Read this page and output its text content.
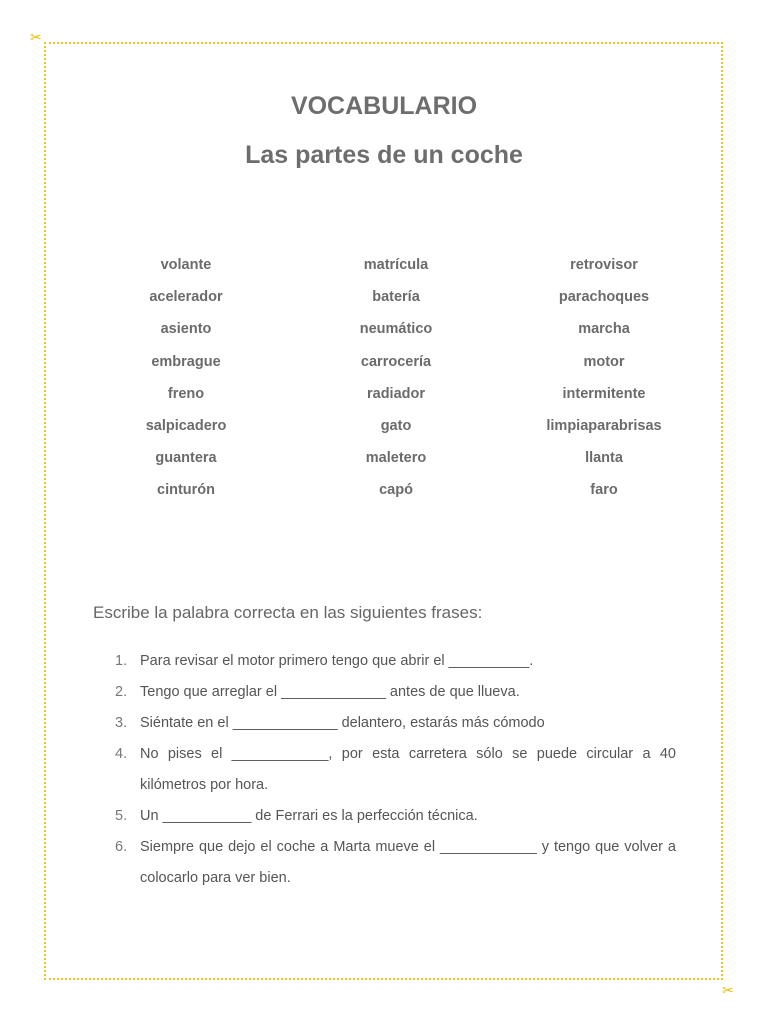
✂
✂
VOCABULARIO
Las partes de un coche
volante
acelerador
asiento
embrague
freno
salpicadero
guantera
cinturón
matrícula
batería
neumático
carrocería
radiador
gato
maletero
capó
retrovisor
parachoques
marcha
motor
intermitente
limpiaparabrisas
llanta
faro
Escribe la palabra correcta en las siguientes frases:
1. Para revisar el motor primero tengo que abrir el __________.
2. Tengo que arreglar el _____________ antes de que llueva.
3. Siéntate en el _____________ delantero, estarás más cómodo
4. No pises el ____________, por esta carretera sólo se puede circular a 40 kilómetros por hora.
5. Un ___________ de Ferrari es la perfección técnica.
6. Siempre que dejo el coche a Marta mueve el ____________ y tengo que volver a colocarlo para ver bien.
